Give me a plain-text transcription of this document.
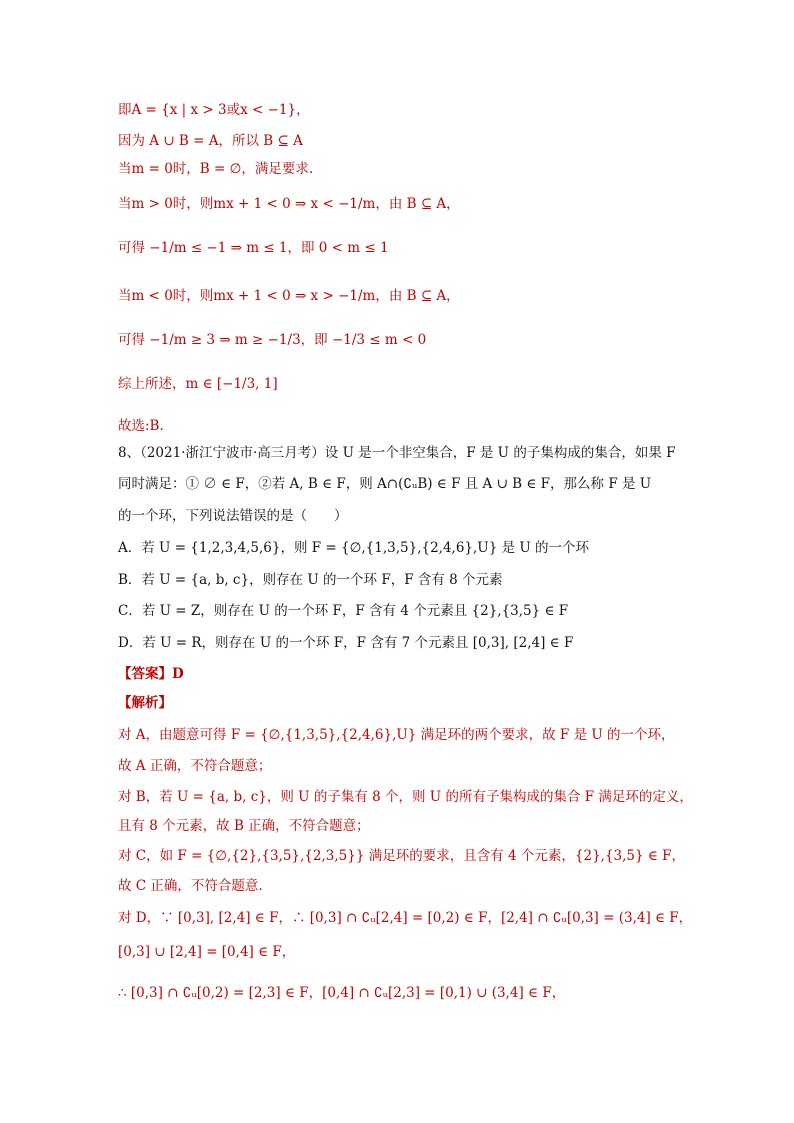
即A = {x | x > 3或x < −1}，
因为 A ∪ B = A，所以 B ⊆ A
当m = 0时，B = ∅，满足要求.
当m > 0时，则mx + 1 < 0 ⇒ x < −1/m，由 B ⊆ A，
可得 −1/m ≤ −1 ⇒ m ≤ 1，即 0 < m ≤ 1
当m < 0时，则mx + 1 < 0 ⇒ x > −1/m，由 B ⊆ A，
可得 −1/m ≥ 3 ⇒ m ≥ −1/3，即 −1/3 ≤ m < 0
综上所述，m ∈ [−1/3, 1]
故选:B.
8、（2021·浙江宁波市·高三月考）设 U 是一个非空集合，F 是 U 的子集构成的集合，如果 F
同时满足：① ∅ ∈ F，②若 A, B ∈ F，则 A∩(∁ᵤB) ∈ F 且 A ∪ B ∈ F，那么称 F 是 U
的一个环，下列说法错误的是（　　）
A．若 U = {1,2,3,4,5,6}，则 F = {∅,{1,3,5},{2,4,6},U} 是 U 的一个环
B．若 U = {a, b, c}，则存在 U 的一个环 F，F 含有 8 个元素
C．若 U = Z，则存在 U 的一个环 F，F 含有 4 个元素且 {2},{3,5} ∈ F
D．若 U = R，则存在 U 的一个环 F，F 含有 7 个元素且 [0,3], [2,4] ∈ F
【答案】D
【解析】
对 A，由题意可得 F = {∅,{1,3,5},{2,4,6},U} 满足环的两个要求，故 F 是 U 的一个环，
故 A 正确，不符合题意；
对 B，若 U = {a, b, c}，则 U 的子集有 8 个，则 U 的所有子集构成的集合 F 满足环的定义，
且有 8 个元素，故 B 正确，不符合题意；
对 C，如 F = {∅,{2},{3,5},{2,3,5}} 满足环的要求，且含有 4 个元素，{2},{3,5} ∈ F，
故 C 正确，不符合题意.
对 D，∵ [0,3], [2,4] ∈ F，∴ [0,3] ∩ ∁ᵤ[2,4] = [0,2) ∈ F，[2,4] ∩ ∁ᵤ[0,3] = (3,4] ∈ F，
[0,3] ∪ [2,4] = [0,4] ∈ F，
∴ [0,3] ∩ ∁ᵤ[0,2) = [2,3] ∈ F，[0,4] ∩ ∁ᵤ[2,3] = [0,1) ∪ (3,4] ∈ F，
